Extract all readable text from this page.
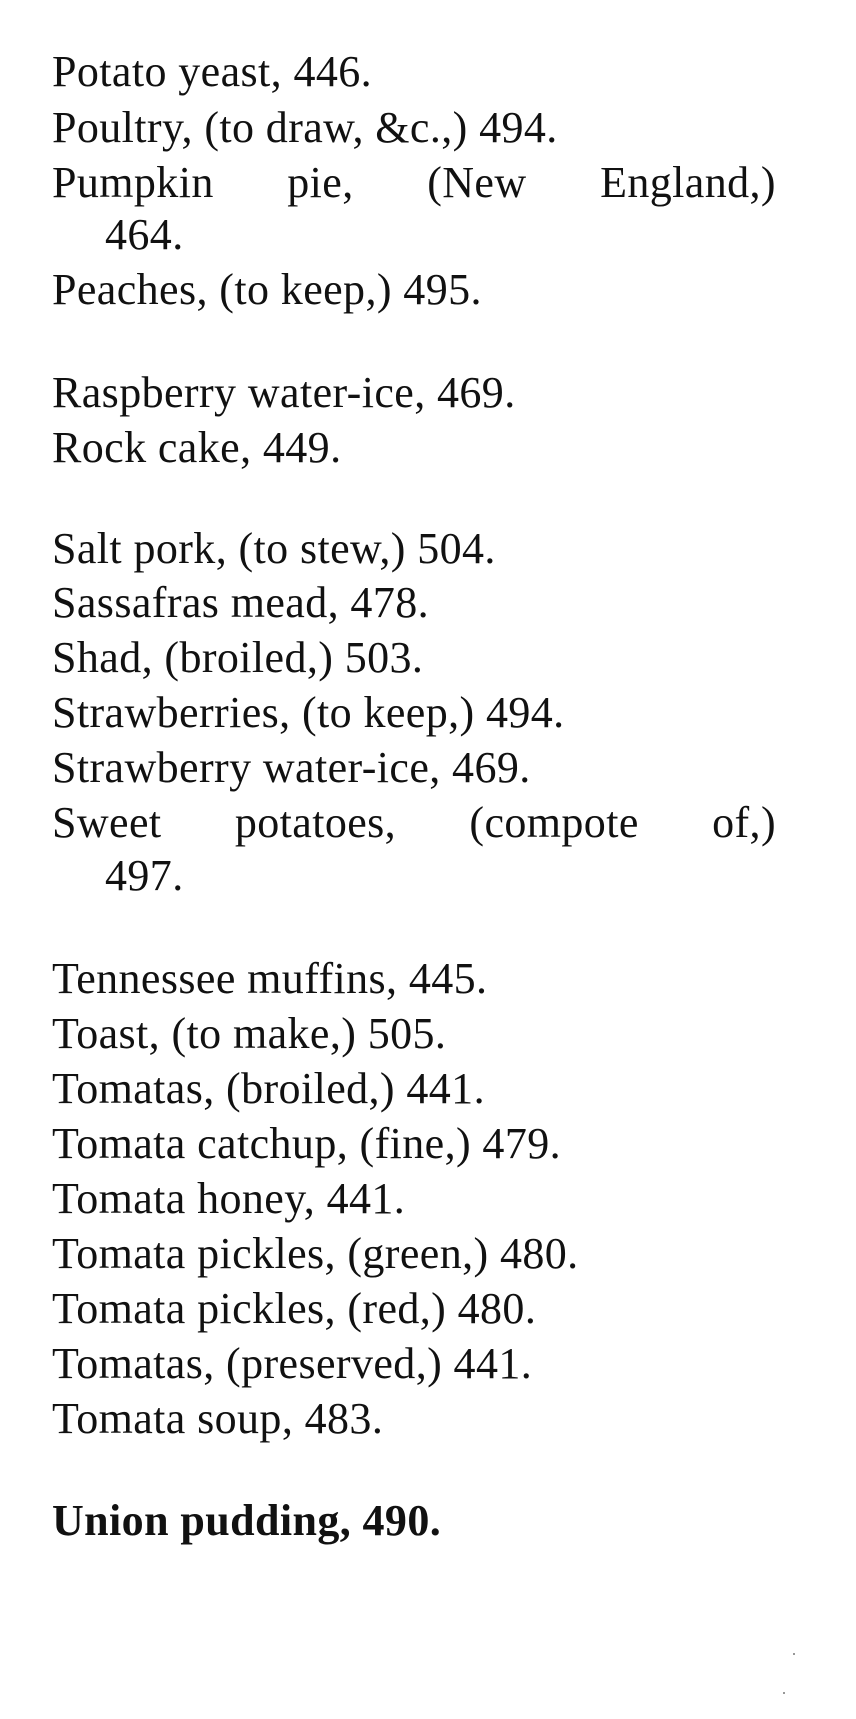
Potato yeast, 446.
Poultry, (to draw, &c.,) 494.
Pumpkin pie, (New England,)
464.
Peaches, (to keep,) 495.
Raspberry water-ice, 469.
Rock cake, 449.
Salt pork, (to stew,) 504.
Sassafras mead, 478.
Shad, (broiled,) 503.
Strawberries, (to keep,) 494.
Strawberry water-ice, 469.
Sweet potatoes, (compote of,)
497.
Tennessee muffins, 445.
Toast, (to make,) 505.
Tomatas, (broiled,) 441.
Tomata catchup, (fine,) 479.
Tomata honey, 441.
Tomata pickles, (green,) 480.
Tomata pickles, (red,) 480.
Tomatas, (preserved,) 441.
Tomata soup, 483.
Union pudding, 490.
